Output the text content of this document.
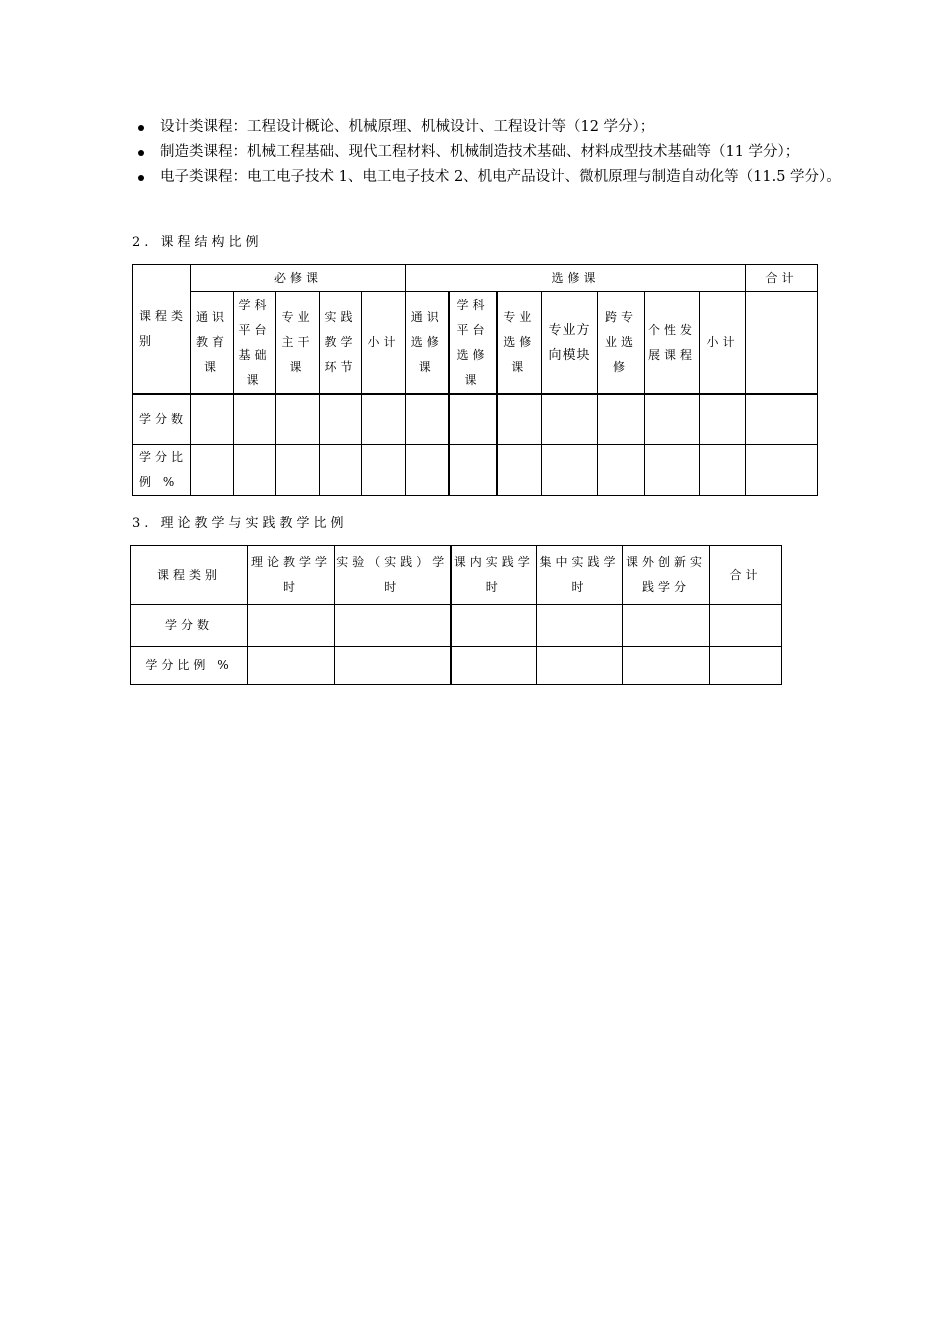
设计类课程：工程设计概论、机械原理、机械设计、工程设计等（12 学分）；
制造类课程：机械工程基础、现代工程材料、机械制造技术基础、材料成型技术基础等（11 学分）；
电子类课程：电工电子技术 1、电工电子技术 2、机电产品设计、微机原理与制造自动化等（11.5 学分）。
2. 课程结构比例
课程类 别	必修课					选修课							合计
	通识教育课	学科平台基础课	专业主干课	实践教学环节	小计	通识选修课	学科平台选修课	专业选修课	专业方向模块	跨专业选修	个性发展课程	小计	
学分数													
学分比例 %													
3. 理论教学与实践教学比例
课程类别	理论教学学时	实验（实践）学时	课内实践学时	集中实践学时	课外创新实践学分	合计
学分数						
学分比例 %						
